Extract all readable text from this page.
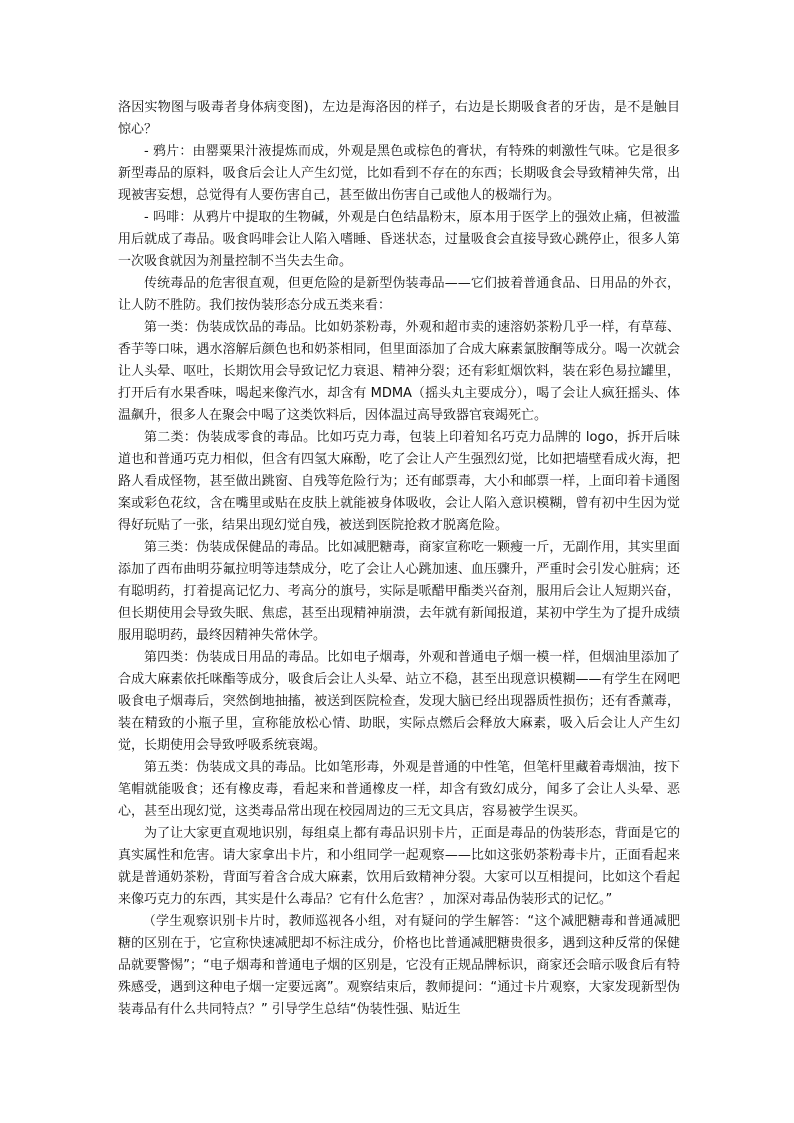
洛因实物图与吸毒者身体病变图)，左边是海洛因的样子，右边是长期吸食者的牙齿，是不是触目惊心？

- 鸦片：由罂粟果汁液提炼而成，外观是黑色或棕色的膏状，有特殊的刺激性气味。它是很多新型毒品的原料，吸食后会让人产生幻觉，比如看到不存在的东西；长期吸食会导致精神失常，出现被害妄想，总觉得有人要伤害自己，甚至做出伤害自己或他人的极端行为。

- 吗啡：从鸦片中提取的生物碱，外观是白色结晶粉末，原本用于医学上的强效止痛，但被滥用后就成了毒品。吸食吗啡会让人陷入嗜睡、昏迷状态，过量吸食会直接导致心跳停止，很多人第一次吸食就因为剂量控制不当失去生命。

传统毒品的危害很直观，但更危险的是新型伪装毒品——它们披着普通食品、日用品的外衣，让人防不胜防。我们按伪装形态分成五类来看：

第一类：伪装成饮品的毒品。比如奶茶粉毒，外观和超市卖的速溶奶茶粉几乎一样，有草莓、香芋等口味，遇水溶解后颜色也和奶茶相同，但里面添加了合成大麻素氯胺酮等成分。喝一次就会让人头晕、呕吐，长期饮用会导致记忆力衰退、精神分裂；还有彩虹烟饮料，装在彩色易拉罐里，打开后有水果香味，喝起来像汽水，却含有 MDMA（摇头丸主要成分），喝了会让人疯狂摇头、体温飙升，很多人在聚会中喝了这类饮料后，因体温过高导致器官衰竭死亡。

第二类：伪装成零食的毒品。比如巧克力毒，包装上印着知名巧克力品牌的 logo，拆开后味道也和普通巧克力相似，但含有四氢大麻酚，吃了会让人产生强烈幻觉，比如把墙壁看成火海，把路人看成怪物，甚至做出跳窗、自残等危险行为；还有邮票毒，大小和邮票一样，上面印着卡通图案或彩色花纹，含在嘴里或贴在皮肤上就能被身体吸收，会让人陷入意识模糊，曾有初中生因为觉得好玩贴了一张，结果出现幻觉自残，被送到医院抢救才脱离危险。

第三类：伪装成保健品的毒品。比如减肥糖毒，商家宣称吃一颗瘦一斤，无副作用，其实里面添加了西布曲明芬氟拉明等违禁成分，吃了会让人心跳加速、血压骤升，严重时会引发心脏病；还有聪明药，打着提高记忆力、考高分的旗号，实际是哌醋甲酯类兴奋剂，服用后会让人短期兴奋，但长期使用会导致失眠、焦虑，甚至出现精神崩溃，去年就有新闻报道，某初中学生为了提升成绩服用聪明药，最终因精神失常休学。

第四类：伪装成日用品的毒品。比如电子烟毒，外观和普通电子烟一模一样，但烟油里添加了合成大麻素依托咪酯等成分，吸食后会让人头晕、站立不稳，甚至出现意识模糊——有学生在网吧吸食电子烟毒后，突然倒地抽搐，被送到医院检查，发现大脑已经出现器质性损伤；还有香薰毒，装在精致的小瓶子里，宣称能放松心情、助眠，实际点燃后会释放大麻素，吸入后会让人产生幻觉，长期使用会导致呼吸系统衰竭。

第五类：伪装成文具的毒品。比如笔形毒，外观是普通的中性笔，但笔杆里藏着毒烟油，按下笔帽就能吸食；还有橡皮毒，看起来和普通橡皮一样，却含有致幻成分，闻多了会让人头晕、恶心，甚至出现幻觉，这类毒品常出现在校园周边的三无文具店，容易被学生误买。

为了让大家更直观地识别，每组桌上都有毒品识别卡片，正面是毒品的伪装形态，背面是它的真实属性和危害。请大家拿出卡片，和小组同学一起观察——比如这张奶茶粉毒卡片，正面看起来就是普通奶茶粉，背面写着含合成大麻素，饮用后致精神分裂。大家可以互相提问，比如这个看起来像巧克力的东西，其实是什么毒品？它有什么危害？，加深对毒品伪装形式的记忆。”

（学生观察识别卡片时，教师巡视各小组，对有疑问的学生解答：“这个减肥糖毒和普通减肥糖的区别在于，它宣称快速减肥却不标注成分，价格也比普通减肥糖贵很多，遇到这种反常的保健品就要警惕”；“电子烟毒和普通电子烟的区别是，它没有正规品牌标识，商家还会暗示吸食后有特殊感受，遇到这种电子烟一定要远离”。观察结束后，教师提问：“通过卡片观察，大家发现新型伪装毒品有什么共同特点？” 引导学生总结“伪装性强、贴近生
